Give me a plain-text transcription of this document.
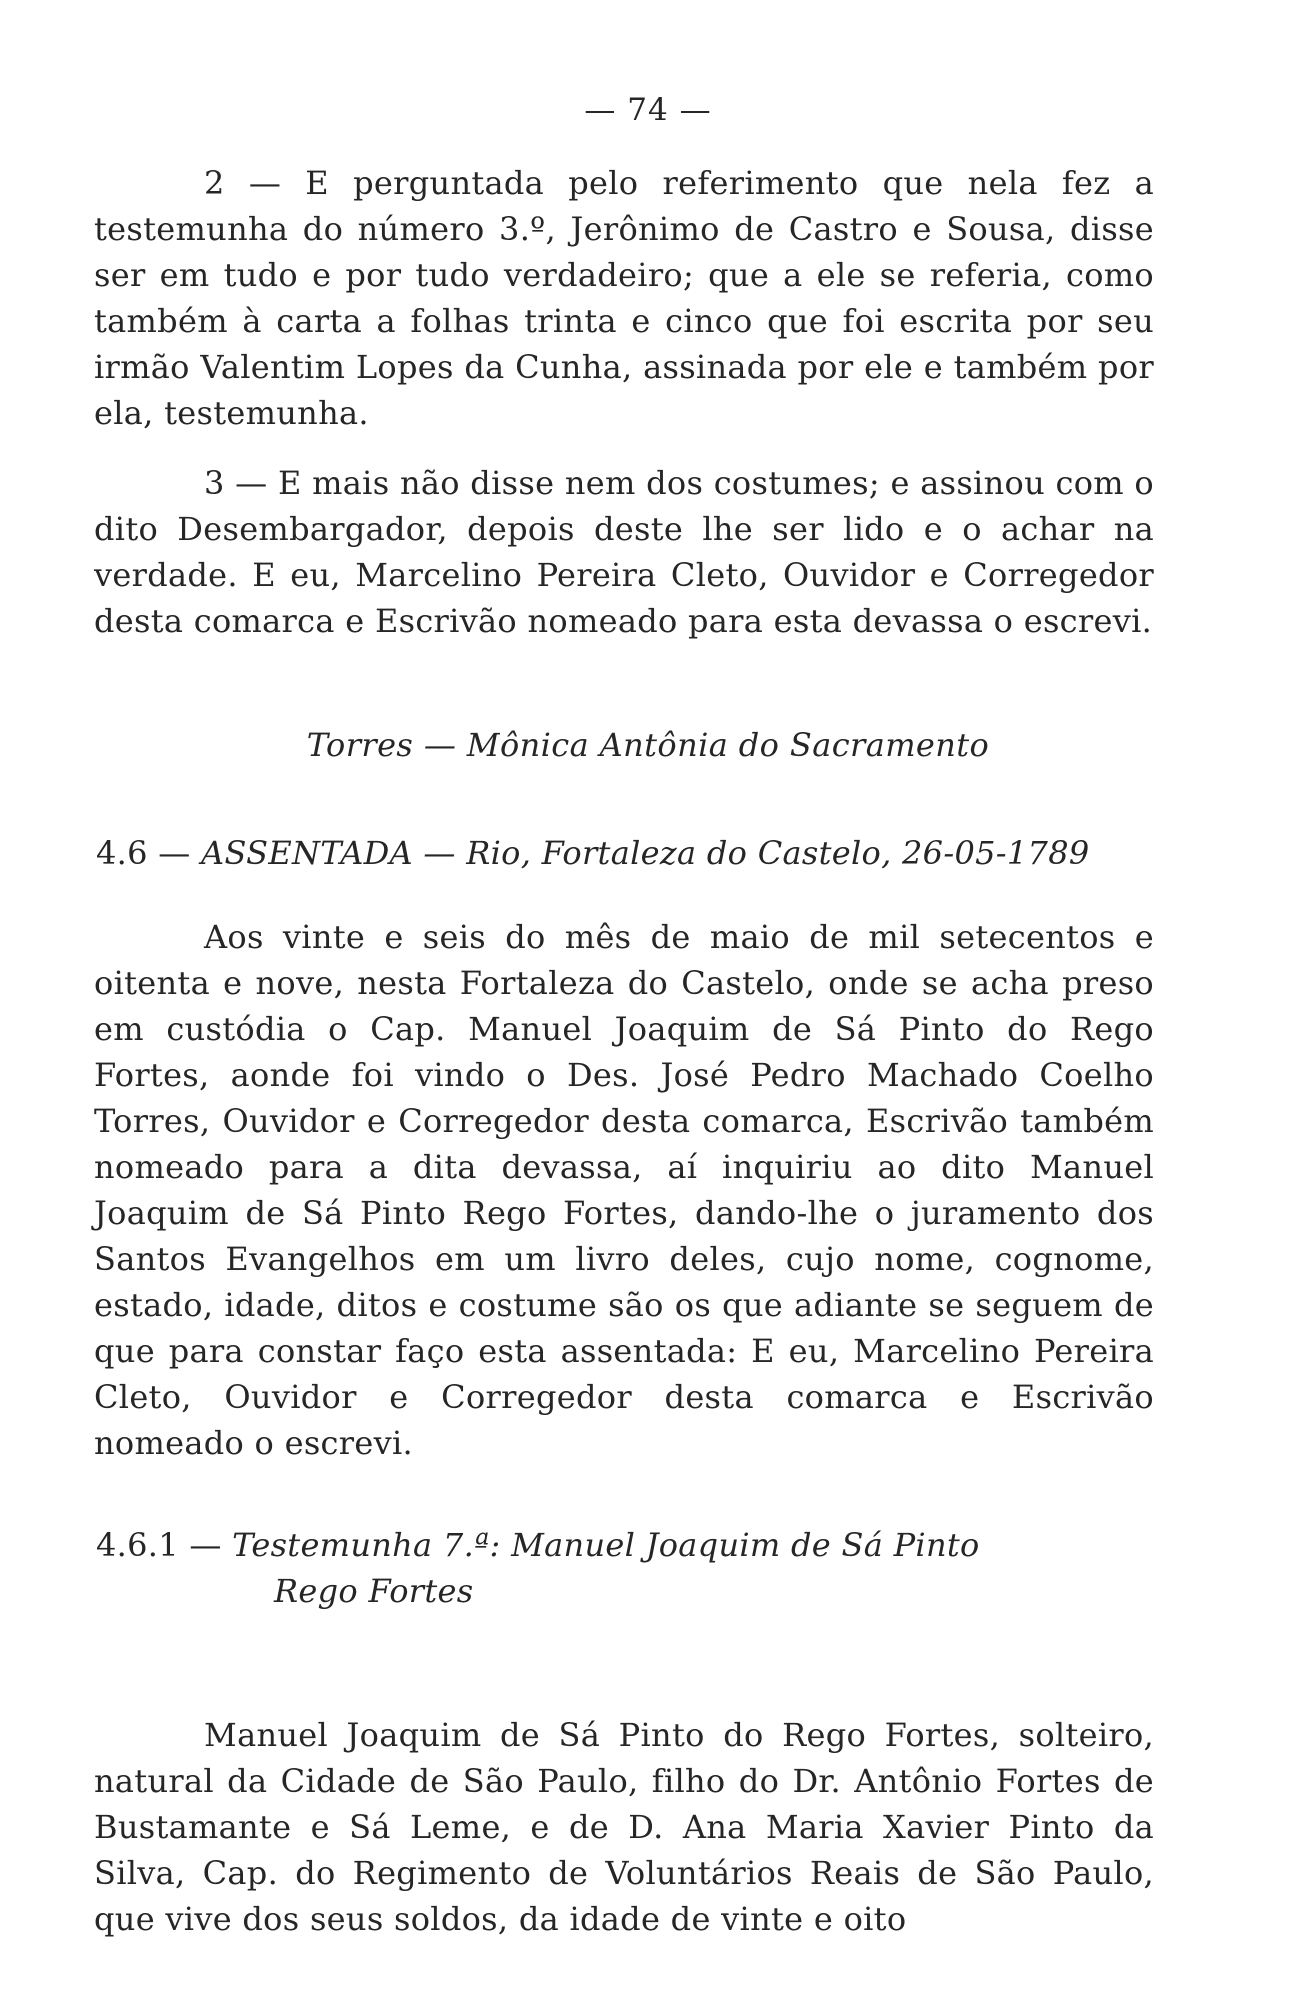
— 74 —

2 — E perguntada pelo referimento que nela fez a testemunha do número 3.º, Jerônimo de Castro e Sousa, disse ser em tudo e por tudo verdadeiro; que a ele se referia, como também à carta a folhas trinta e cinco que foi escrita por seu irmão Valentim Lopes da Cunha, assinada por ele e também por ela, testemunha.

3 — E mais não disse nem dos costumes; e assinou com o dito Desembargador, depois deste lhe ser lido e o achar na verdade. E eu, Marcelino Pereira Cleto, Ouvidor e Corregedor desta comarca e Escrivão nomeado para esta devassa o escrevi.

Torres — Mônica Antônia do Sacramento
4.6 — ASSENTADA — Rio, Fortaleza do Castelo, 26-05-1789

Aos vinte e seis do mês de maio de mil setecentos e oitenta e nove, nesta Fortaleza do Castelo, onde se acha preso em custódia o Cap. Manuel Joaquim de Sá Pinto do Rego Fortes, aonde foi vindo o Des. José Pedro Machado Coelho Torres, Ouvidor e Corregedor desta comarca, Escrivão também nomeado para a dita devassa, aí inquiriu ao dito Manuel Joaquim de Sá Pinto Rego Fortes, dando-lhe o juramento dos Santos Evangelhos em um livro deles, cujo nome, cognome, estado, idade, ditos e costume são os que adiante se seguem de que para constar faço esta assentada: E eu, Marcelino Pereira Cleto, Ouvidor e Corregedor desta comarca e Escrivão nomeado o escrevi.

4.6.1 — Testemunha 7.ª: Manuel Joaquim de Sá Pinto
Rego Fortes

Manuel Joaquim de Sá Pinto do Rego Fortes, solteiro, natural da Cidade de São Paulo, filho do Dr. Antônio Fortes de Bustamante e Sá Leme, e de D. Ana Maria Xavier Pinto da Silva, Cap. do Regimento de Voluntários Reais de São Paulo, que vive dos seus soldos, da idade de vinte e oito
